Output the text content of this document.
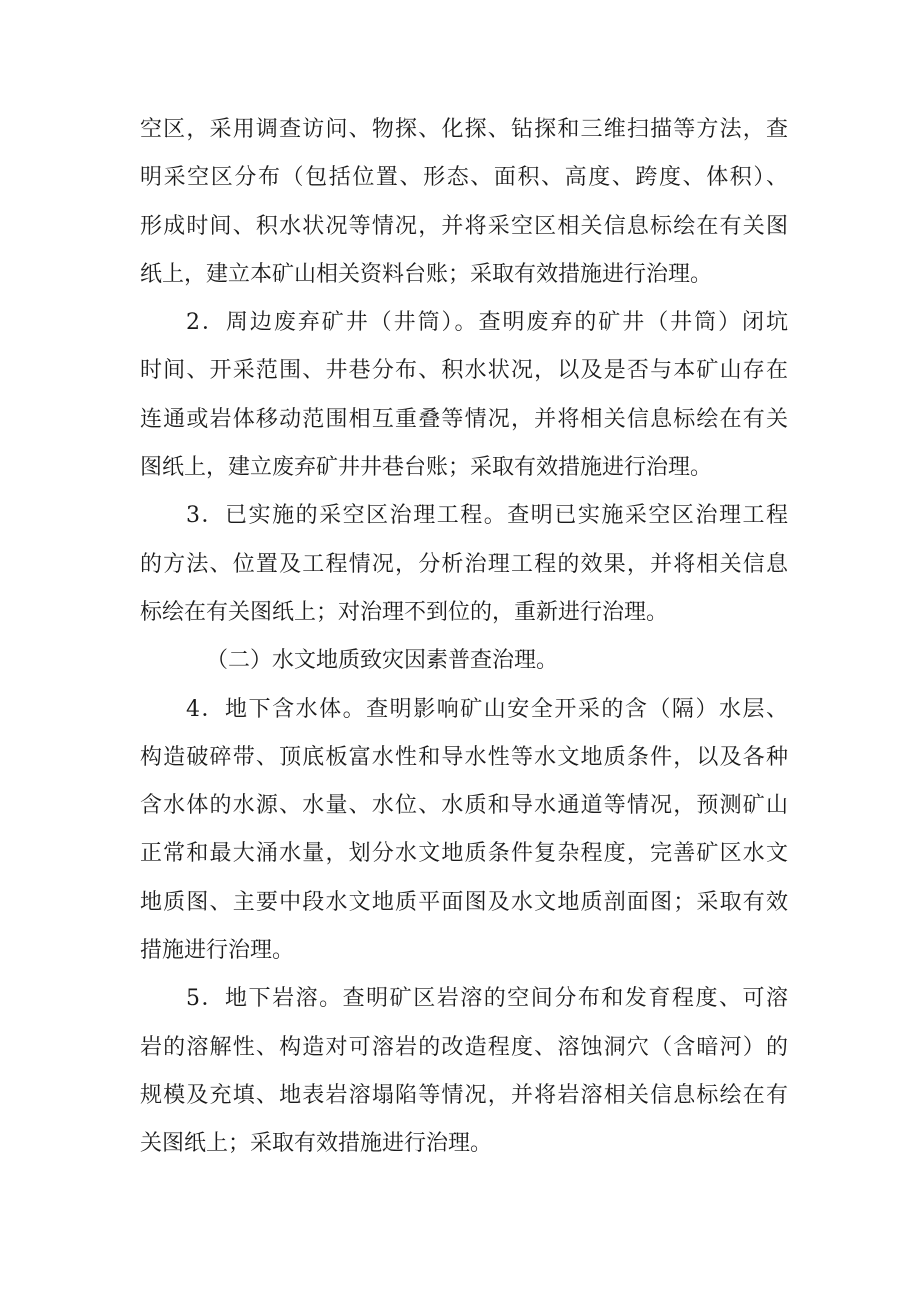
空区，采用调查访问、物探、化探、钻探和三维扫描等方法，查
明采空区分布（包括位置、形态、面积、高度、跨度、体积）、
形成时间、积水状况等情况，并将采空区相关信息标绘在有关图
纸上，建立本矿山相关资料台账；采取有效措施进行治理。
2．周边废弃矿井（井筒）。查明废弃的矿井（井筒）闭坑
时间、开采范围、井巷分布、积水状况，以及是否与本矿山存在
连通或岩体移动范围相互重叠等情况，并将相关信息标绘在有关
图纸上，建立废弃矿井井巷台账；采取有效措施进行治理。
3．已实施的采空区治理工程。查明已实施采空区治理工程
的方法、位置及工程情况，分析治理工程的效果，并将相关信息
标绘在有关图纸上；对治理不到位的，重新进行治理。
（二）水文地质致灾因素普查治理。
4．地下含水体。查明影响矿山安全开采的含（隔）水层、
构造破碎带、顶底板富水性和导水性等水文地质条件，以及各种
含水体的水源、水量、水位、水质和导水通道等情况，预测矿山
正常和最大涌水量，划分水文地质条件复杂程度，完善矿区水文
地质图、主要中段水文地质平面图及水文地质剖面图；采取有效
措施进行治理。
5．地下岩溶。查明矿区岩溶的空间分布和发育程度、可溶
岩的溶解性、构造对可溶岩的改造程度、溶蚀洞穴（含暗河）的
规模及充填、地表岩溶塌陷等情况，并将岩溶相关信息标绘在有
关图纸上；采取有效措施进行治理。
